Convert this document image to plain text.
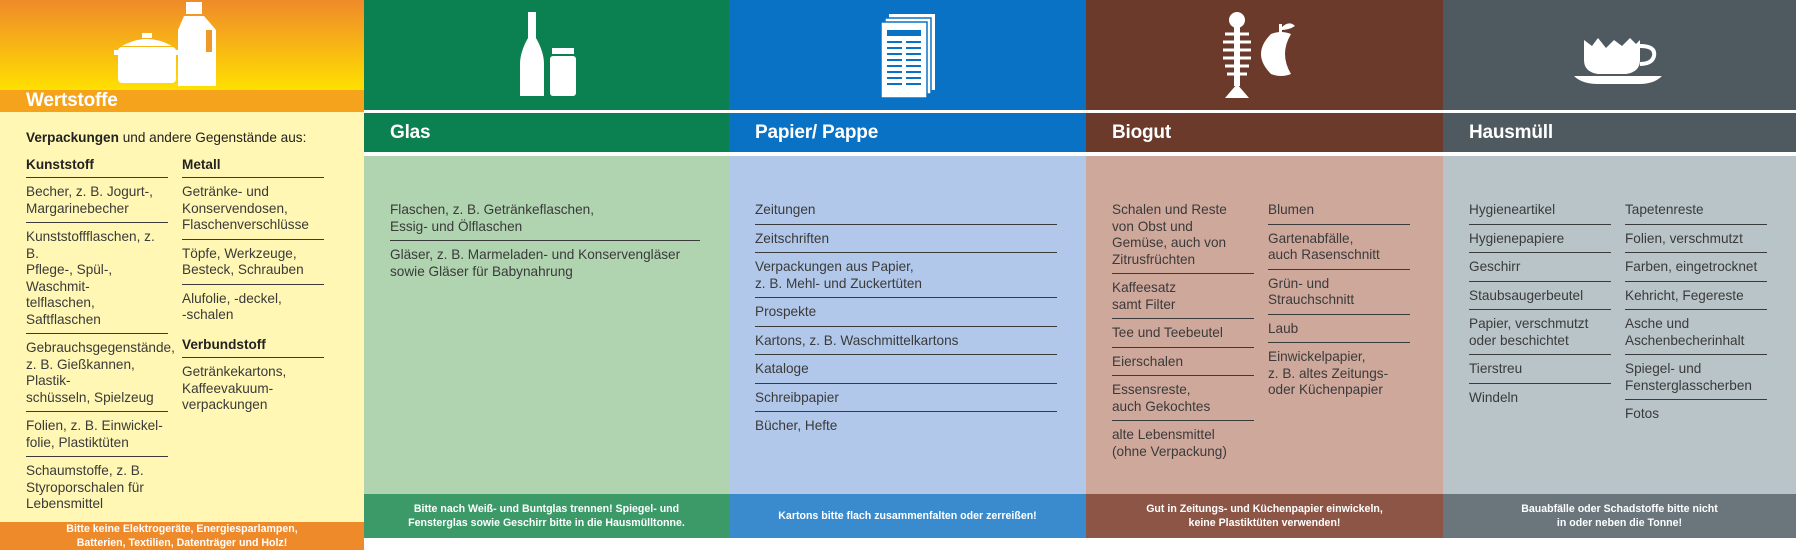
Wertstoffe
Verpackungen und andere Gegenstände aus:
Kunststoff
Becher, z. B. Jogurt-,
Margarinebecher
Kunststoffflaschen, z. B.
Pflege-, Spül-, Waschmit-
telflaschen, Saftflaschen
Gebrauchsgegenstände,
z. B. Gießkannen, Plastik-
schüsseln, Spielzeug
Folien, z. B. Einwickel-
folie, Plastiktüten
Schaumstoffe, z. B.
Styroporschalen für
Lebensmittel
Metall
Getränke- und
Konservendosen,
Flaschenverschlüsse
Töpfe, Werkzeuge,
Besteck, Schrauben
Alufolie, -deckel,
-schalen
Verbundstoff
Getränkekartons,
Kaffeevakuum-
verpackungen
Bitte keine Elektrogeräte, Energiesparlampen,
Batterien, Textilien, Datenträger und Holz!
Glas
Flaschen, z. B. Getränkeflaschen,
Essig- und Ölflaschen
Gläser, z. B. Marmeladen- und Konservengläser
sowie Gläser für Babynahrung
Bitte nach Weiß- und Buntglas trennen! Spiegel- und
Fensterglas sowie Geschirr bitte in die Hausmülltonne.
Papier/ Pappe
Zeitungen
Zeitschriften
Verpackungen aus Papier,
z. B. Mehl- und Zuckertüten
Prospekte
Kartons, z. B. Waschmittelkartons
Kataloge
Schreibpapier
Bücher, Hefte
Kartons bitte flach zusammenfalten oder zerreißen!
Biogut
Schalen und Reste
von Obst und
Gemüse, auch von
Zitrusfrüchten
Kaffeesatz
samt Filter
Tee und Teebeutel
Eierschalen
Essensreste,
auch Gekochtes
alte Lebensmittel
(ohne Verpackung)
Blumen
Gartenabfälle,
auch Rasenschnitt
Grün- und
Strauchschnitt
Laub
Einwickelpapier,
z. B. altes Zeitungs-
oder Küchenpapier
Gut in Zeitungs- und Küchenpapier einwickeln,
keine Plastiktüten verwenden!
Hausmüll
Hygieneartikel
Hygienepapiere
Geschirr
Staubsaugerbeutel
Papier, verschmutzt
oder beschichtet
Tierstreu
Windeln
Tapetenreste
Folien, verschmutzt
Farben, eingetrocknet
Kehricht, Fegereste
Asche und
Aschenbecherinhalt
Spiegel- und
Fensterglasscherben
Fotos
Bauabfälle oder Schadstoffe bitte nicht
in oder neben die Tonne!
